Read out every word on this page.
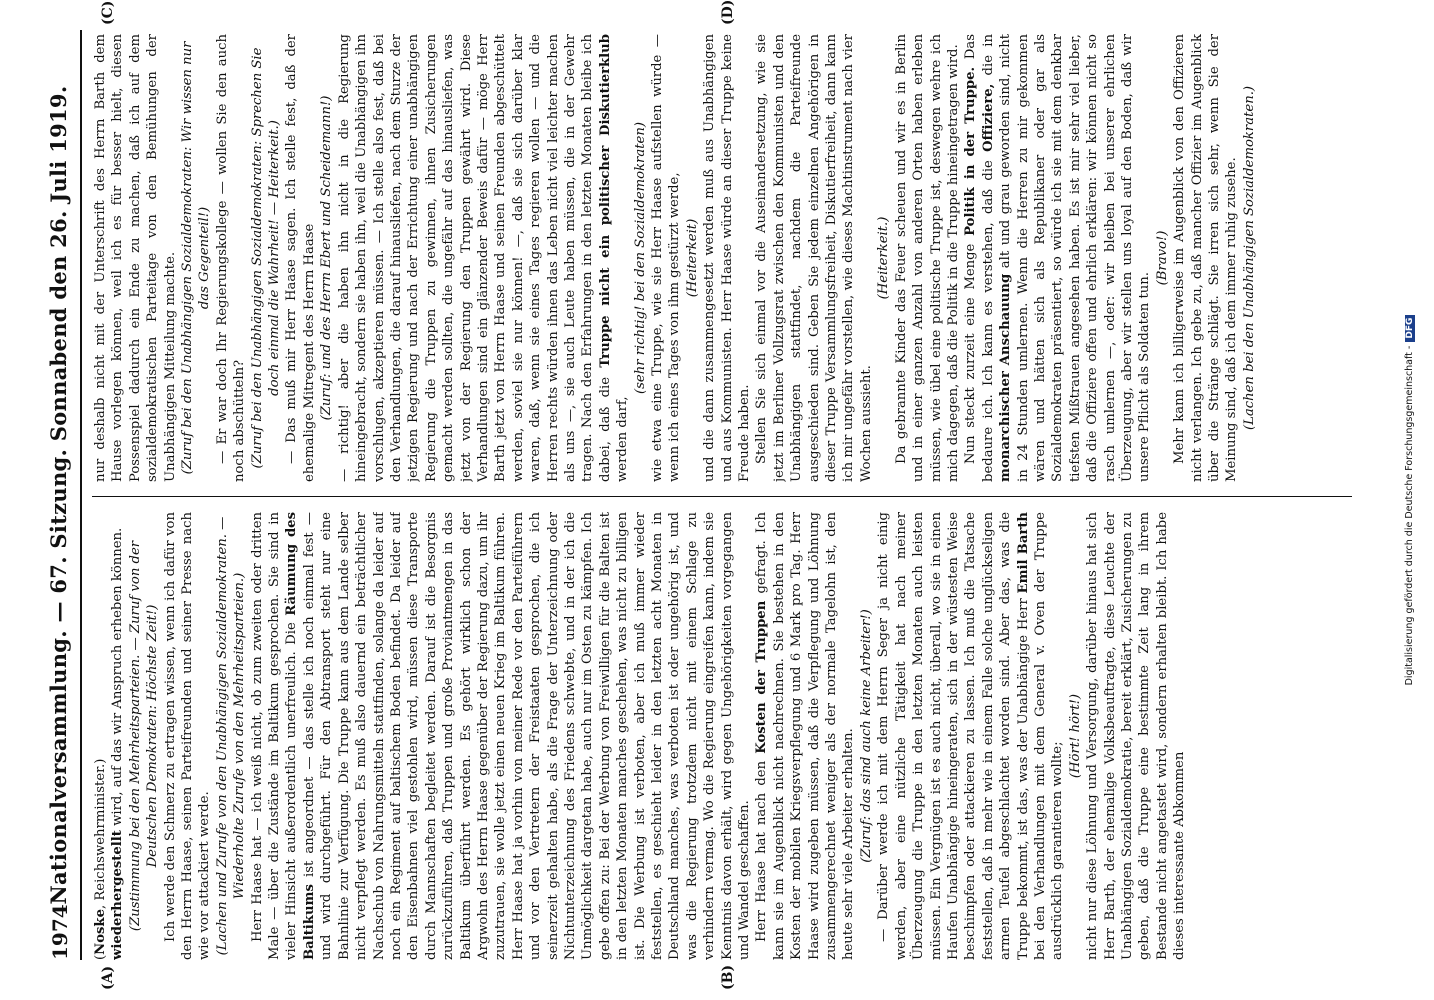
1974
Nationalversammlung. — 67. Sitzung. Sonnabend den 26. Juli 1919.
(A)	(B)
(C)	(D)

(Noske, Reichswehrminister.) wiederhergestellt wird, auf das wir Anspruch erheben können. (Zustimmung bei den Mehrheitsparteien. — Zuruf von der Deutschen Demokraten: Höchste Zeit!) Ich werde den Schmerz zu ertragen wissen, wenn ich dafür von den Herrn Haase, seinen Parteifreunden und seiner Presse nach wie vor attackiert werde. (Lachen und Zurufe von den Unabhängigen Sozialdemokraten. — Wiederholte Zurufe von den Mehrheitsparteien.) Herr Haase hat — ich weiß nicht, ob zum zweiten oder dritten Male — über die Zustände im Baltikum gesprochen. Sie sind in vieler Hinsicht außerordentlich unerfreulich. Die Räumung des Baltikums ist angeordnet — das stelle ich noch einmal fest — und wird durchgeführt. Für den Abtransport steht nur eine Bahnlinie zur Verfügung. Die Truppe kann aus dem Lande selber nicht verpflegt werden. Es muß also dauernd ein beträchtlicher Nachschub von Nahrungsmitteln stattfinden, solange da leider auf noch ein Regiment auf baltischem Boden befindet. Da leider auf den Eisenbahnen viel gestohlen wird, müssen diese Transporte durch Mannschaften begleitet werden. Darauf ist die Besorgnis zurückzuführen, daß Truppen und große Proviantmengen in das Baltikum überführt werden. Es gehört wirklich schon der Argwohn des Herrn Haase gegenüber der Regierung dazu, um ihr zuzutrauen, sie wolle jetzt einen neuen Krieg im Baltikum führen. Herr Haase hat ja vorhin von meiner Rede vor den Parteiführern und vor den Vertretern der Freistaaten gesprochen, die ich seinerzeit gehalten habe, als die Frage der Unterzeichnung oder Nichtunterzeichnung des Friedens schwebte, und in der ich die Unmöglichkeit dargetan habe, auch nur im Osten zu kämpfen. Ich gebe offen zu: Bei der Werbung von Freiwilligen für die Balten ist in den letzten Monaten manches geschehen, was nicht zu billigen ist. Die Werbung ist verboten, aber ich muß immer wieder feststellen, es geschieht leider in den letzten acht Monaten in Deutschland manches, was verboten ist oder ungehörig ist, und was die Regierung trotzdem nicht mit einem Schlage zu verhindern vermag. Wo die Regierung eingreifen kann, indem sie Kenntnis davon erhält, wird gegen Ungehörigkeiten vorgegangen und Wandel geschaffen. Herr Haase hat nach den Kosten der Truppen gefragt. Ich kann sie im Augenblick nicht nachrechnen. Sie bestehen in den Kosten der mobilen Kriegsverpflegung und 6 Mark pro Tag. Herr Haase wird zugeben müssen, daß die Verpflegung und Löhnung zusammengerechnet weniger als der normale Tagelohn ist, den heute sehr viele Arbeiter erhalten. (Zuruf: das sind auch keine Arbeiter!) — Darüber werde ich mit dem Herrn Seger ja nicht einig werden, aber eine nützliche Tätigkeit hat nach meiner Überzeugung die Truppe in den letzten Monaten auch leisten müssen. Ein Vergnügen ist es auch nicht, überall, wo sie in einen Haufen Unabhängige hineingeraten, sich in der wüstesten Weise beschimpfen oder attackieren zu lassen. Ich muß die Tatsache feststellen, daß in mehr wie in einem Falle solche unglückseligen armen Teufel abgeschlachtet worden sind. Aber das, was die Truppe bekommt, ist das, was der Unabhängige Herr Emil Barth bei den Verhandlungen mit dem General v. Oven der Truppe ausdrücklich garantieren wollte;

(Hört! hört!) nicht nur diese Löhnung und Versorgung, darüber hinaus hat sich Herr Barth, der ehemalige Volksbeauftragte, diese Leuchte der Unabhängigen Sozialdemokratie, bereit erklärt, Zusicherungen zu geben, daß die Truppe eine bestimmte Zeit lang in ihrem Bestande nicht angetastet wird, sondern erhalten bleibt. Ich habe dieses interessante Abkommen

nur deshalb nicht mit der Unterschrift des Herrn Barth dem Hause vorlegen können, weil ich es für besser hielt, diesen Possenspiel dadurch ein Ende zu machen, daß ich auf dem sozialdemokratischen Parteitage von den Bemühungen der Unabhängigen Mitteilung machte. (Zuruf bei den Unabhängigen Sozialdemokraten: Wir wissen nur das Gegenteil!) — Er war doch Ihr Regierungskollege — wollen Sie den auch noch abschütteln? (Zuruf bei den Unabhängigen Sozialdemokraten: Sprechen Sie doch einmal die Wahrheit! — Heiterkeit.) — Das muß mir Herr Haase sagen. Ich stelle fest, daß der ehemalige Mitregent des Herrn Haase (Zuruf: und des Herrn Ebert und Scheidemann!) — richtig! aber die haben ihn nicht in die Regierung hineingebracht, sondern sie haben ihn, weil die Unabhängigen ihn vorschlugen, akzeptieren müssen. — Ich stelle also fest, daß bei den Verhandlungen, die darauf hinausliefen, nach dem Sturze der jetzigen Regierung und nach der Errichtung einer unabhängigen Regierung die Truppen zu gewinnen, ihnen Zusicherungen gemacht werden sollten, die ungefähr auf das hinausliefen, was jetzt von der Regierung den Truppen gewährt wird. Diese Verhandlungen sind ein glänzender Beweis dafür — möge Herr Barth jetzt von Herrn Haase und seinen Freunden abgeschüttelt werden, soviel sie nur können! —, daß sie sich darüber klar waren, daß, wenn sie eines Tages regieren wollen — und die Herren rechts würden ihnen das Leben nicht viel leichter machen als uns —, sie auch Leute haben müssen, die in der Gewehr tragen. Nach den Erfahrungen in den letzten Monaten bleibe ich dabei, daß die Truppe nicht ein politischer Diskutierklub werden darf,

(sehr richtig! bei den Sozialdemokraten) wie etwa eine Truppe, wie sie Herr Haase aufstellen würde — wenn ich eines Tages von ihm gestürzt werde, (Heiterkeit) und die dann zusammengesetzt werden muß aus Unabhängigen und aus Kommunisten. Herr Haase würde an dieser Truppe keine Freude haben. Stellen Sie sich einmal vor die Auseinandersetzung, wie sie jetzt im Berliner Vollzugsrat zwischen den Kommunisten und den Unabhängigen stattfindet, nachdem die Parteifreunde ausgeschieden sind. Geben Sie jedem einzelnen Angehörigen in dieser Truppe Versammlungsfreiheit, Diskutierfreiheit, dann kann ich mir ungefähr vorstellen, wie dieses Machtinstrument nach vier Wochen aussieht.

(Heiterkeit.) Da gebrannte Kinder das Feuer scheuen und wir es in Berlin und in einer ganzen Anzahl von anderen Orten haben erleben müssen, wie übel eine politische Truppe ist, deswegen wehre ich mich dagegen, daß die Politik in die Truppe hineingetragen wird. Nun steckt zurzeit eine Menge Politik in der Truppe. Das bedaure ich. Ich kann es verstehen, daß die Offiziere, die in monarchischer Anschauung alt und grau geworden sind, nicht in 24 Stunden umlernen. Wenn die Herren zu mir gekommen wären und hätten sich als Republikaner oder gar als Sozialdemokraten präsentiert, so würde ich sie mit dem denkbar tiefsten Mißtrauen angesehen haben. Es ist mir sehr viel lieber, daß die Offiziere offen und ehrlich erklären: wir können nicht so rasch umlernen —, oder: wir bleiben bei unserer ehrlichen Überzeugung, aber wir stellen uns loyal auf den Boden, daß wir unsere Pflicht als Soldaten tun.

(Bravo!) Mehr kann ich billigerweise im Augenblick von den Offizieren nicht verlangen. Ich gebe zu, daß mancher Offizier im Augenblick über die Stränge schlägt. Sie irren sich sehr, wenn Sie der Meinung sind, daß ich dem immer ruhig zusehe. (Lachen bei den Unabhängigen Sozialdemokraten.)

Digitalisierung gefördert durch die Deutsche Forschungsgemeinschaft -DFG
